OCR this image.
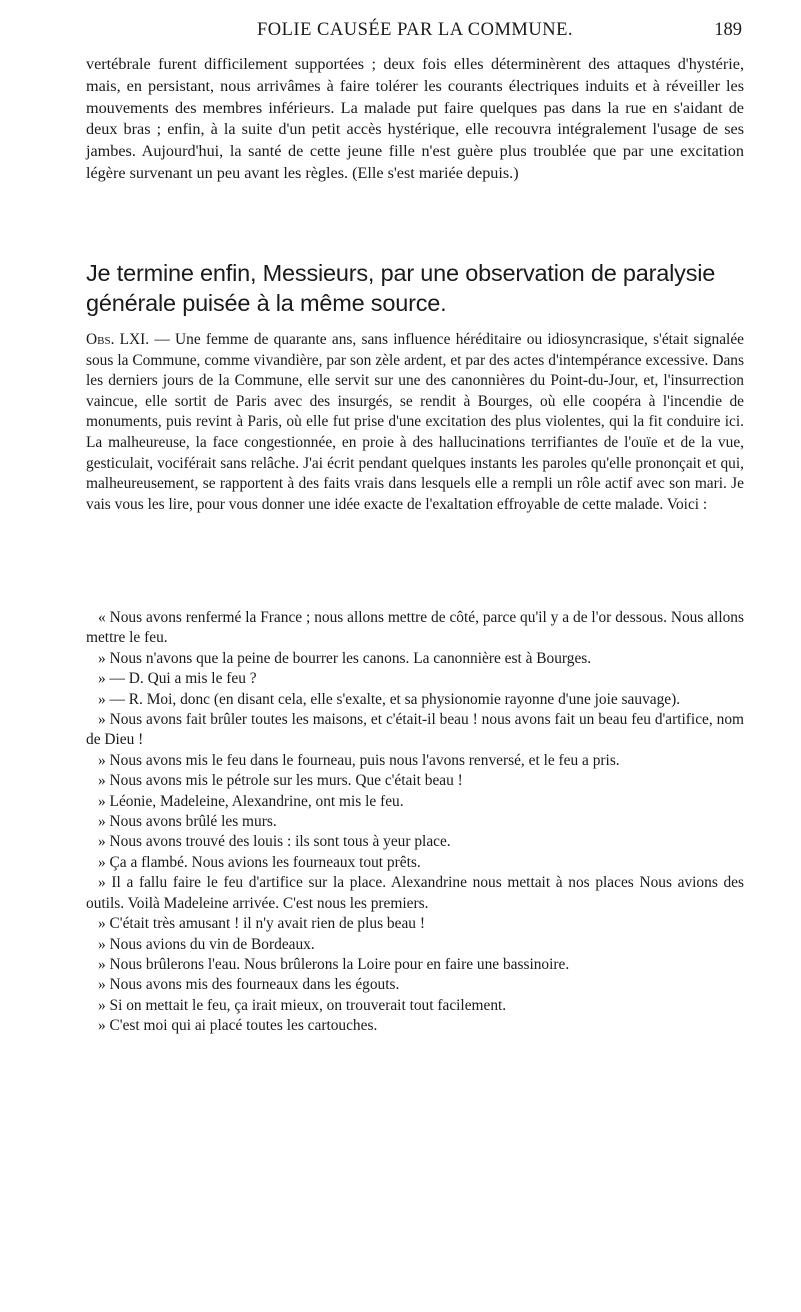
FOLIE CAUSÉE PAR LA COMMUNE.	189

vertébrale furent difficilement supportées ; deux fois elles déterminèrent des attaques d'hystérie, mais, en persistant, nous arrivâmes à faire tolérer les courants électriques induits et à réveiller les mouvements des membres inférieurs. La malade put faire quelques pas dans la rue en s'aidant de deux bras ; enfin, à la suite d'un petit accès hystérique, elle recouvra intégralement l'usage de ses jambes. Aujourd'hui, la santé de cette jeune fille n'est guère plus troublée que par une excitation légère survenant un peu avant les règles. (Elle s'est mariée depuis.)

Je termine enfin, Messieurs, par une observation de paralysie générale puisée à la même source.

Obs. LXI. — Une femme de quarante ans, sans influence héréditaire ou idiosyncrasique, s'était signalée sous la Commune, comme vivandière, par son zèle ardent, et par des actes d'intempérance excessive. Dans les derniers jours de la Commune, elle servit sur une des canonnières du Point-du-Jour, et, l'insurrection vaincue, elle sortit de Paris avec des insurgés, se rendit à Bourges, où elle coopéra à l'incendie de monuments, puis revint à Paris, où elle fut prise d'une excitation des plus violentes, qui la fit conduire ici. La malheureuse, la face congestionnée, en proie à des hallucinations terrifiantes de l'ouïe et de la vue, gesticulait, vociférait sans relâche. J'ai écrit pendant quelques instants les paroles qu'elle prononçait et qui, malheureusement, se rapportent à des faits vrais dans lesquels elle a rempli un rôle actif avec son mari. Je vais vous les lire, pour vous donner une idée exacte de l'exaltation effroyable de cette malade. Voici :

« Nous avons renfermé la France ; nous allons mettre de côté, parce qu'il y a de l'or dessous. Nous allons mettre le feu.

» Nous n'avons que la peine de bourrer les canons. La canonnière est à Bourges.

» — D. Qui a mis le feu ?

» — R. Moi, donc (en disant cela, elle s'exalte, et sa physionomie rayonne d'une joie sauvage).

» Nous avons fait brûler toutes les maisons, et c'était-il beau ! nous avons fait un beau feu d'artifice, nom de Dieu !

» Nous avons mis le feu dans le fourneau, puis nous l'avons renversé, et le feu a pris.

» Nous avons mis le pétrole sur les murs. Que c'était beau !

» Léonie, Madeleine, Alexandrine, ont mis le feu.

» Nous avons brûlé les murs.

» Nous avons trouvé des louis : ils sont tous à yeur place.

» Ça a flambé. Nous avions les fourneaux tout prêts.

» Il a fallu faire le feu d'artifice sur la place. Alexandrine nous mettait à nos places Nous avions des outils. Voilà Madeleine arrivée. C'est nous les premiers.

» C'était très amusant ! il n'y avait rien de plus beau !

» Nous avions du vin de Bordeaux.

» Nous brûlerons l'eau. Nous brûlerons la Loire pour en faire une bassinoire.

» Nous avons mis des fourneaux dans les égouts.

» Si on mettait le feu, ça irait mieux, on trouverait tout facilement.

» C'est moi qui ai placé toutes les cartouches.
